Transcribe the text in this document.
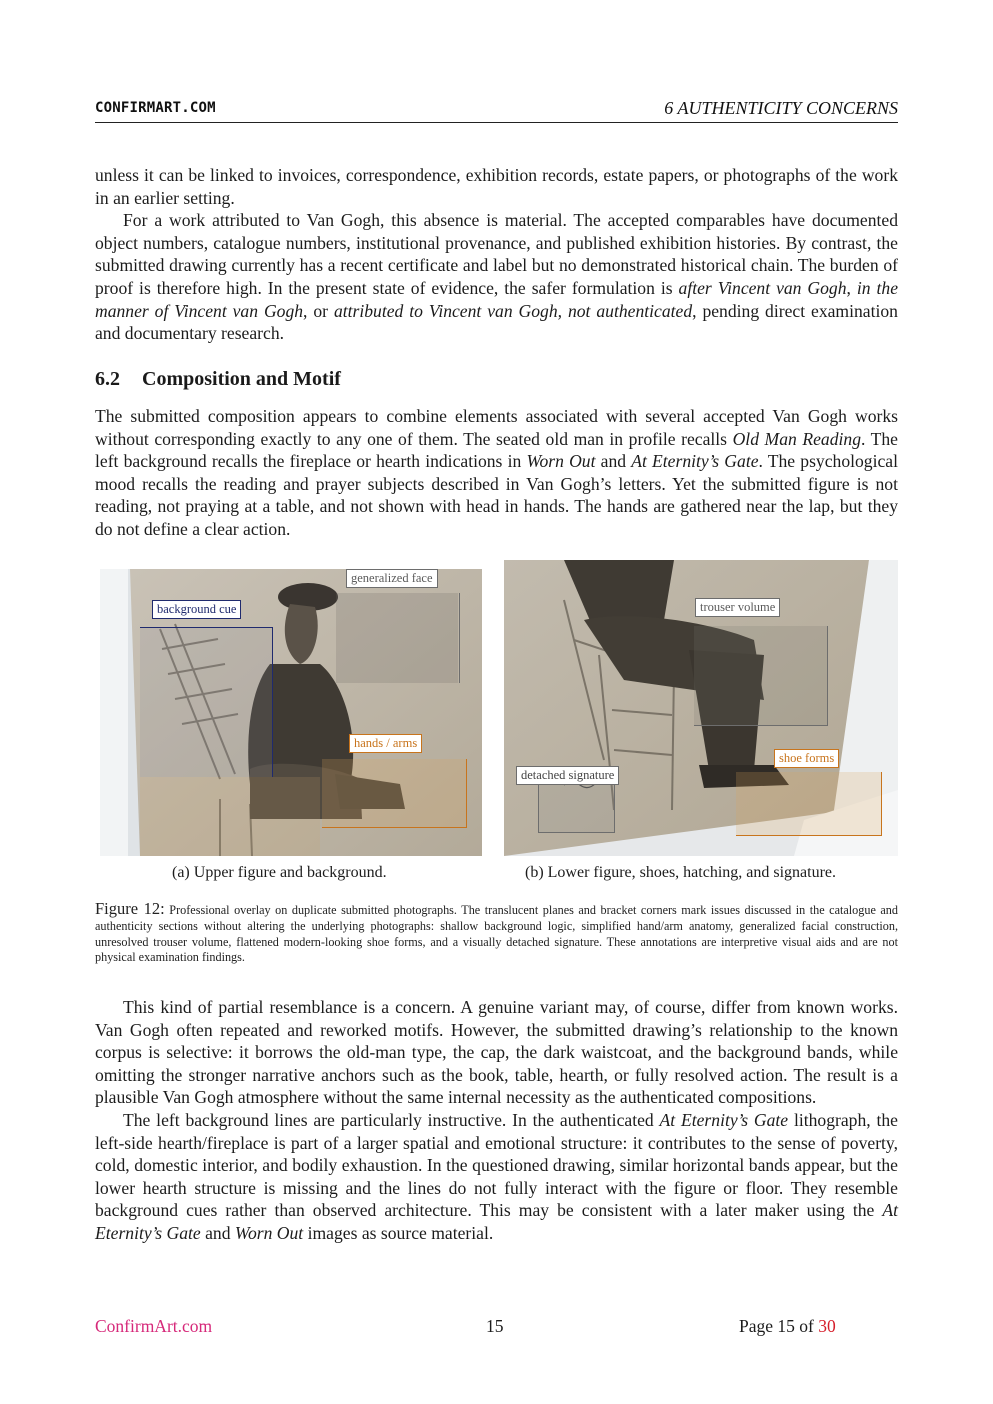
CONFIRMART.COM	6 AUTHENTICITY CONCERNS

unless it can be linked to invoices, correspondence, exhibition records, estate papers, or photographs of the work in an earlier setting.

For a work attributed to Van Gogh, this absence is material. The accepted comparables have documented object numbers, catalogue numbers, institutional provenance, and published exhibition histories. By contrast, the submitted drawing currently has a recent certificate and label but no demonstrated historical chain. The burden of proof is therefore high. In the present state of evidence, the safer formulation is after Vincent van Gogh, in the manner of Vincent van Gogh, or attributed to Vincent van Gogh, not authenticated, pending direct examination and documentary research.

6.2 Composition and Motif

The submitted composition appears to combine elements associated with several accepted Van Gogh works without corresponding exactly to any one of them. The seated old man in profile recalls Old Man Reading. The left background recalls the fireplace or hearth indications in Worn Out and At Eternity’s Gate. The psychological mood recalls the reading and prayer subjects described in Van Gogh’s letters. Yet the submitted figure is not reading, not praying at a table, and not shown with head in hands. The hands are gathered near the lap, but they do not define a clear action.

generalized face
background cue
hands / arms
(a) Upper figure and background.
trouser volume
shoe forms
detached signature
(b) Lower figure, shoes, hatching, and signature.
Figure 12: Professional overlay on duplicate submitted photographs. The translucent planes and bracket corners mark issues discussed in the catalogue and authenticity sections without altering the underlying photographs: shallow background logic, simplified hand/arm anatomy, generalized facial construction, unresolved trouser volume, flattened modern-looking shoe forms, and a visually detached signature. These annotations are interpretive visual aids and are not physical examination findings.

This kind of partial resemblance is a concern. A genuine variant may, of course, differ from known works. Van Gogh often repeated and reworked motifs. However, the submitted drawing’s relationship to the known corpus is selective: it borrows the old-man type, the cap, the dark waistcoat, and the background bands, while omitting the stronger narrative anchors such as the book, table, hearth, or fully resolved action. The result is a plausible Van Gogh atmosphere without the same internal necessity as the authenticated compositions.

The left background lines are particularly instructive. In the authenticated At Eternity’s Gate lithograph, the left-side hearth/fireplace is part of a larger spatial and emotional structure: it contributes to the sense of poverty, cold, domestic interior, and bodily exhaustion. In the questioned drawing, similar horizontal bands appear, but the lower hearth structure is missing and the lines do not fully interact with the figure or floor. They resemble background cues rather than observed architecture. This may be consistent with a later maker using the At Eternity’s Gate and Worn Out images as source material.

ConfirmArt.com	15	Page 15 of 30
